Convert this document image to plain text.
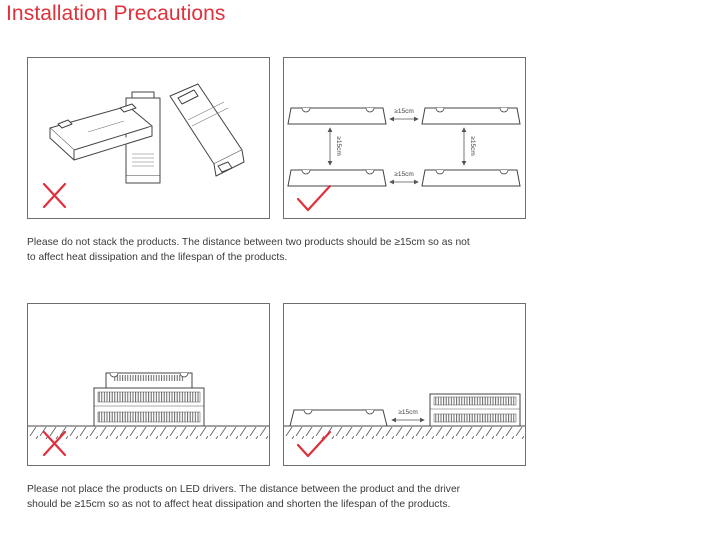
Installation Precautions
≥15cm
≥15cm
≥15cm	≥15cm

Please do not stack the products. The distance between two products should be ≥15cm so as not
to affect heat dissipation and the lifespan of the products.

≥15cm

Please not place the products on LED drivers. The distance between the product and the driver
should be ≥15cm so as not to affect heat dissipation and shorten the lifespan of the products.
